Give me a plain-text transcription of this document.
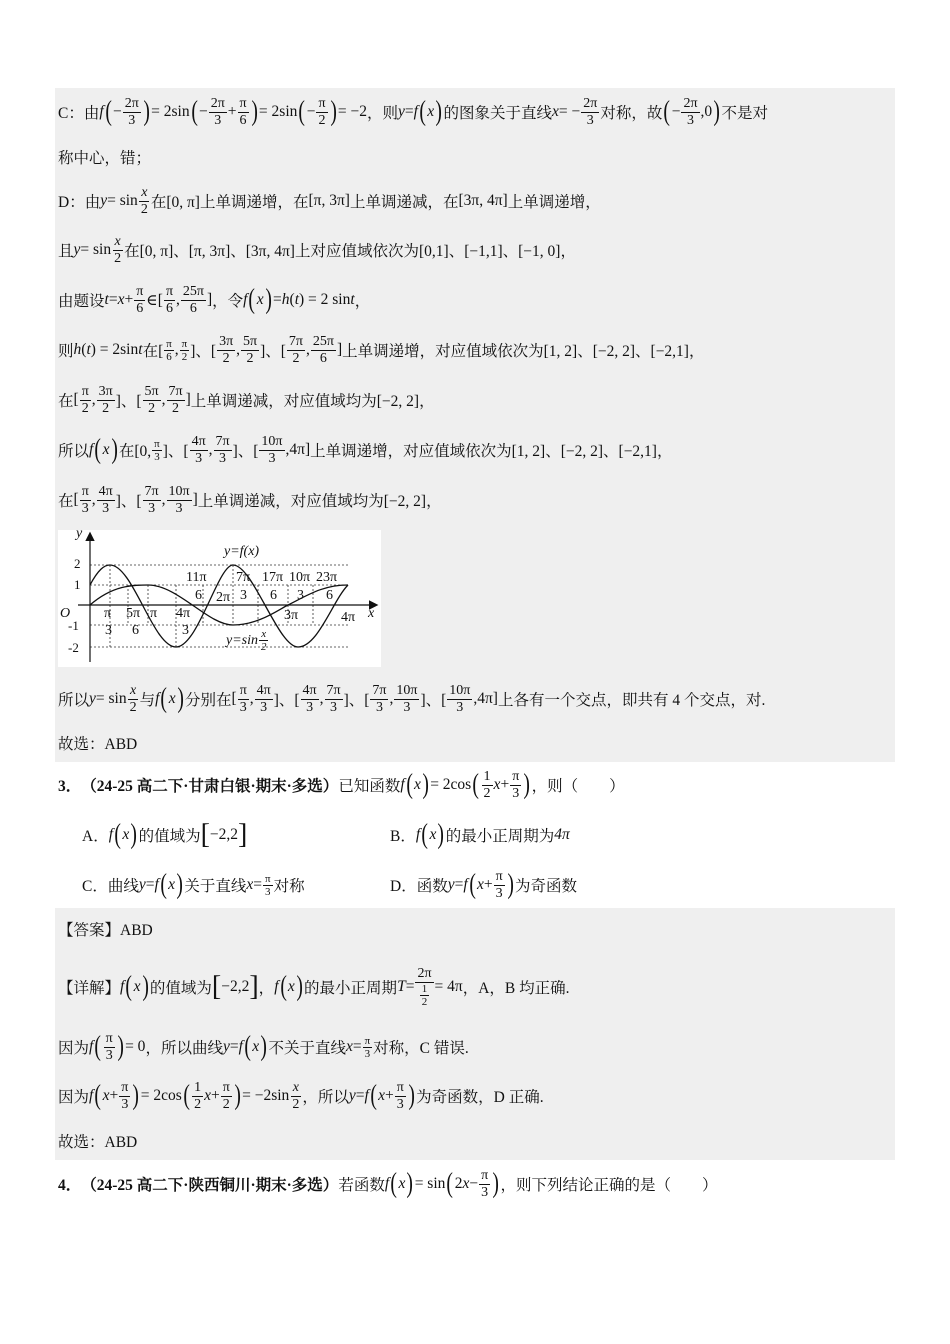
C：由 f ( − $\frac{2\pi}{3}$ ) = 2sin ( − $\frac{2\pi}{3} + \frac{\pi}{6}$ ) = 2sin ( − $\frac{\pi}{2}$ ) = −2 ，则 y = f ( x ) 的图象关于直线 x = − $\frac{2\pi}{3}$ 对称，故 ( − $\frac{2\pi}{3} ,0$ ) 不是对
称中心，错；
D：由 $y = \sin \frac{x}{2}$ 在[0, π] 上单调递增，在 [π, 3π] 上单调递减，在 [3π, 4π] 上单调递增，
且 $y = \sin \frac{x}{2}$ 在[0, π]、[π, 3π]、[3π, 4π] 上对应值域依次为 [0,1]、[−1,1]、[−1, 0]，
由题设 $t = x + \frac{\pi}{6}$ ∈[ $\frac{\pi}{6}$ , $\frac{25\pi}{6}$ ] ，令 f ( x ) = h ( t ) = 2 sin t ，
则 h ( t ) = 2sin t 在[ $\frac{\pi}{6}$ , $\frac{\pi}{2}$ ]、[ $\frac{3\pi}{2}$ , $\frac{5\pi}{2}$ ]、[ $\frac{7\pi}{2}$ , $\frac{25\pi}{6}$ ] 上单调递增，对应值域依次为 [1, 2]、[−2, 2]、[−2,1]，
在 [ $\frac{\pi}{2}$ , $\frac{3\pi}{2}$ ]、[ $\frac{5\pi}{2}$ , $\frac{7\pi}{2}$ ] 上单调递减，对应值域均为 [−2, 2]，
所以 f ( x ) 在[0, $\frac{\pi}{3}$ ]、[ $\frac{4\pi}{3}$ , $\frac{7\pi}{3}$ ]、[ $\frac{10\pi}{3} ,4\pi$] 上单调递增，对应值域依次为 [1, 2]、[−2, 2]、[−2,1]，
在 [ $\frac{\pi}{3}$ , $\frac{4\pi}{3}$ ]、[ $\frac{7\pi}{3}$ , $\frac{10\pi}{3}$ ] 上单调递减，对应值域均为 [−2, 2]，
y
x
O
y=f(x)
$y=\sin \frac{x}{2}$
2
1
-1
-2
11π
6
7π
3
17π
6
10π
3
23π
6
2π
π
3
5π
6
π 4π
3
3π	4π
所以 $y = \sin \frac{x}{2}$ 与 f ( x ) 分别在 [ $\frac{\pi}{3}$ , $\frac{4\pi}{3}$ ]、[ $\frac{4\pi}{3}$ , $\frac{7\pi}{3}$ ]、[ $\frac{7\pi}{3}$ , $\frac{10\pi}{3}$ ]、[ $\frac{10\pi}{3} ,4\pi$] 上各有一个交点，即共有 4 个交点，对.
故选：ABD
3． （24-25 高二下·甘肃白银·期末·多选） 已知函数 f ( x ) = 2cos ( $\frac{1}{2}$ $x + \frac{\pi}{3}$ ) ，则（　　）
A． f ( x ) 的值域为 [ −2,2 ]	B． f ( x ) 的最小正周期为 4π
C．曲线 y = f ( x ) 关于直线 $x = \frac{\pi}{3}$ 对称	D．函数 y = f ( $x + \frac{\pi}{3}$ ) 为奇函数
【答案】ABD
【详解】 f ( x ) 的值域为 [ −2,2 ] ， f ( x ) 的最小正周期 $T = \frac{2\pi}{\frac{1}{2}} = 4\pi$ ，A，B 均正确.
因为 f ( $\frac{\pi}{3}$ ) = 0 ，所以曲线 y = f ( x ) 不关于直线 $x = \frac{\pi}{3}$ 对称，C 错误.
因为 f ( $x + \frac{\pi}{3}$ ) = 2cos ( $\frac{1}{2}$ $x + \frac{\pi}{2}$ ) = $-2\sin \frac{x}{2}$ ，所以 y = f ( $x + \frac{\pi}{3}$ ) 为奇函数，D 正确.
故选：ABD
4． （24-25 高二下·陕西铜川·期末·多选） 若函数 f ( x ) = sin ( 2 $x - \frac{\pi}{3}$ ) ，则下列结论正确的是（　　）
